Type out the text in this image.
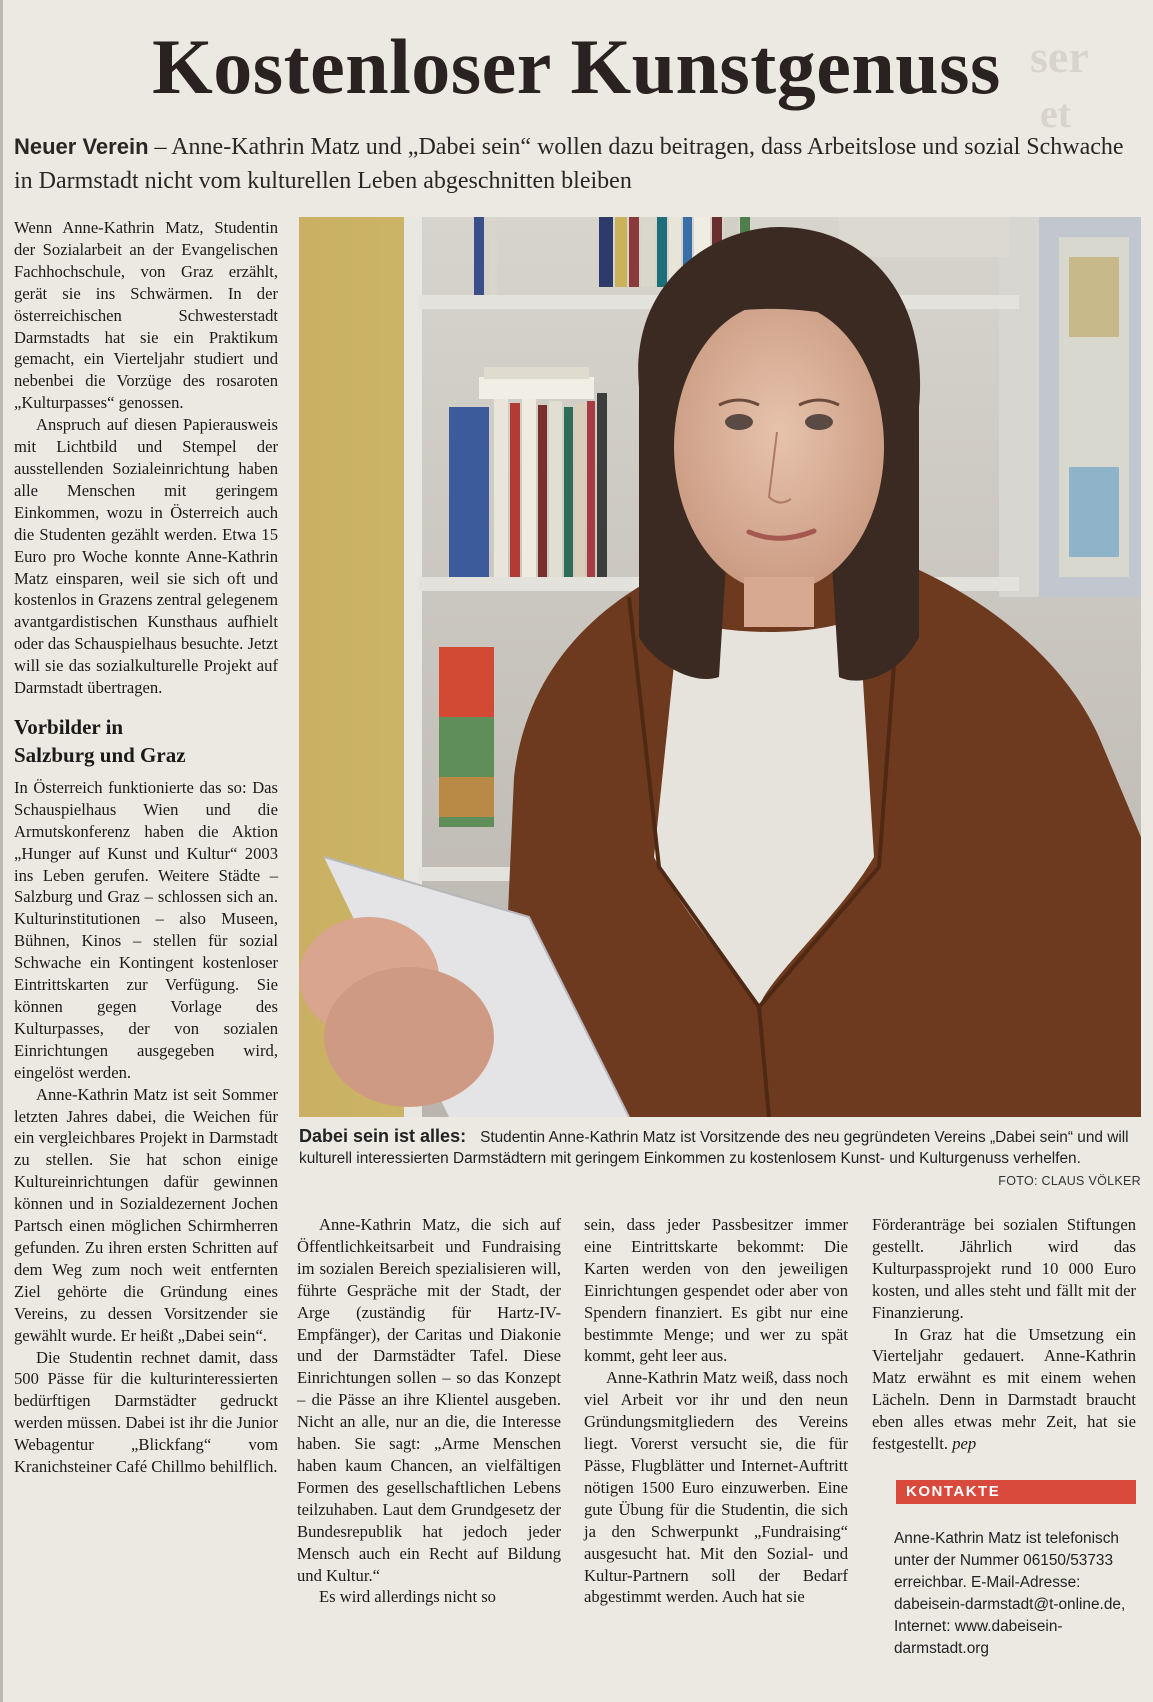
ser
et
Kostenloser Kunstgenuss
Neuer Verein – Anne-Kathrin Matz und „Dabei sein“ wollen dazu beitragen, dass Arbeitslose und sozial Schwache in Darmstadt nicht vom kulturellen Leben abgeschnitten bleiben

Wenn Anne-Kathrin Matz, Studentin der Sozialarbeit an der Evangelischen Fachhochschule, von Graz erzählt, gerät sie ins Schwärmen. In der österreichischen Schwesterstadt Darmstadts hat sie ein Praktikum gemacht, ein Vierteljahr studiert und nebenbei die Vorzüge des rosaroten „Kulturpasses“ genossen.

Anspruch auf diesen Papierausweis mit Lichtbild und Stempel der ausstellenden Sozialeinrichtung haben alle Menschen mit geringem Einkommen, wozu in Österreich auch die Studenten gezählt werden. Etwa 15 Euro pro Woche konnte Anne-Kathrin Matz einsparen, weil sie sich oft und kostenlos in Grazens zentral gelegenem avantgardistischen Kunsthaus aufhielt oder das Schauspielhaus besuchte. Jetzt will sie das sozialkulturelle Projekt auf Darmstadt übertragen.

Vorbilder in
Salzburg und Graz

In Österreich funktionierte das so: Das Schauspielhaus Wien und die Armutskonferenz haben die Aktion „Hunger auf Kunst und Kultur“ 2003 ins Leben gerufen. Weitere Städte – Salzburg und Graz – schlossen sich an. Kulturinstitutionen – also Museen, Bühnen, Kinos – stellen für sozial Schwache ein Kontingent kostenloser Eintrittskarten zur Verfügung. Sie können gegen Vorlage des Kulturpasses, der von sozialen Einrichtungen ausgegeben wird, eingelöst werden.

Anne-Kathrin Matz ist seit Sommer letzten Jahres dabei, die Weichen für ein vergleichbares Projekt in Darmstadt zu stellen. Sie hat schon einige Kultureinrichtungen dafür gewinnen können und in Sozialdezernent Jochen Partsch einen möglichen Schirmherren gefunden. Zu ihren ersten Schritten auf dem Weg zum noch weit entfernten Ziel gehörte die Gründung eines Vereins, zu dessen Vorsitzender sie gewählt wurde. Er heißt „Dabei sein“.

Die Studentin rechnet damit, dass 500 Pässe für die kulturinteressierten bedürftigen Darmstädter gedruckt werden müssen. Dabei ist ihr die Junior Webagentur „Blickfang“ vom Kranichsteiner Café Chillmo behilflich.

Dabei sein ist alles: Studentin Anne-Kathrin Matz ist Vorsitzende des neu gegründeten Vereins „Dabei sein“ und will kulturell interessierten Darmstädtern mit geringem Einkommen zu kostenlosem Kunst- und Kulturgenuss verhelfen.
FOTO: CLAUS VÖLKER

Anne-Kathrin Matz, die sich auf Öffentlichkeitsarbeit und Fundraising im sozialen Bereich spezialisieren will, führte Gespräche mit der Stadt, der Arge (zuständig für Hartz-IV-Empfänger), der Caritas und Diakonie und der Darmstädter Tafel. Diese Einrichtungen sollen – so das Konzept – die Pässe an ihre Klientel ausgeben. Nicht an alle, nur an die, die Interesse haben. Sie sagt: „Arme Menschen haben kaum Chancen, an vielfältigen Formen des gesellschaftlichen Lebens teilzuhaben. Laut dem Grundgesetz der Bundesrepublik hat jedoch jeder Mensch auch ein Recht auf Bildung und Kultur.“

Es wird allerdings nicht so

sein, dass jeder Passbesitzer immer eine Eintrittskarte bekommt: Die Karten werden von den jeweiligen Einrichtungen gespendet oder aber von Spendern finanziert. Es gibt nur eine bestimmte Menge; und wer zu spät kommt, geht leer aus.

Anne-Kathrin Matz weiß, dass noch viel Arbeit vor ihr und den neun Gründungsmitgliedern des Vereins liegt. Vorerst versucht sie, die für Pässe, Flugblätter und Internet-Auftritt nötigen 1500 Euro einzuwerben. Eine gute Übung für die Studentin, die sich ja den Schwerpunkt „Fundraising“ ausgesucht hat. Mit den Sozial- und Kultur-Partnern soll der Bedarf abgestimmt werden. Auch hat sie

Förderanträge bei sozialen Stiftungen gestellt. Jährlich wird das Kulturpassprojekt rund 10 000 Euro kosten, und alles steht und fällt mit der Finanzierung.

In Graz hat die Umsetzung ein Vierteljahr gedauert. Anne-Kathrin Matz erwähnt es mit einem wehen Lächeln. Denn in Darmstadt braucht eben alles etwas mehr Zeit, hat sie festgestellt. pep

KONTAKTE
Anne-Kathrin Matz ist telefonisch unter der Nummer 06150/53733 erreichbar. E-Mail-Adresse: dabeisein-darmstadt@t-online.de, Internet: www.dabeisein-darmstadt.org
